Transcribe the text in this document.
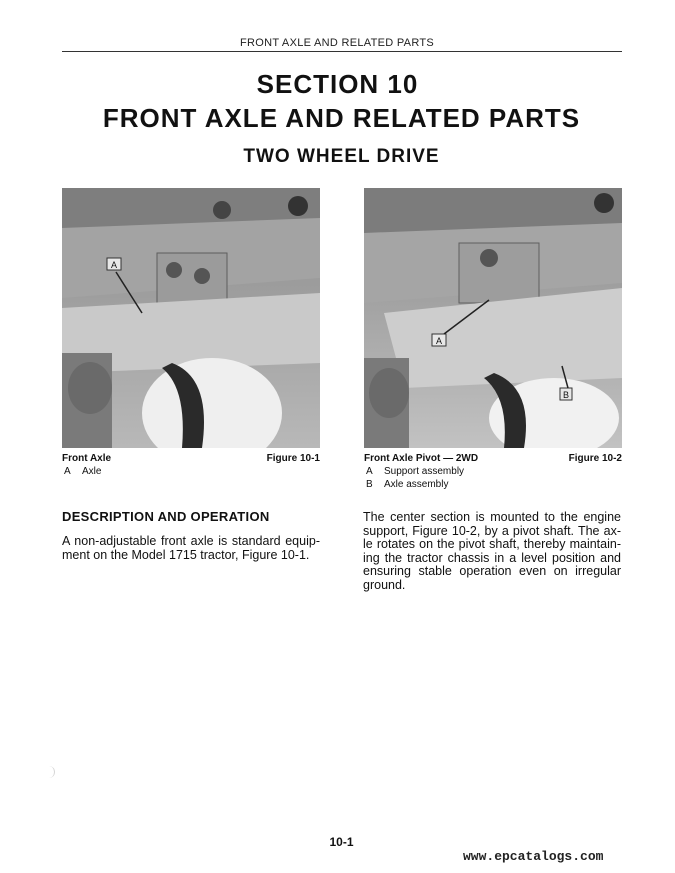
FRONT AXLE AND RELATED PARTS
SECTION 10
FRONT AXLE AND RELATED PARTS
TWO WHEEL DRIVE
A
A
B
Front Axle	Figure 10-1
A	Axle
Front Axle Pivot — 2WD	Figure 10-2
A	Support assembly
B	Axle assembly
DESCRIPTION AND OPERATION
A non-adjustable front axle is standard equipment on the Model 1715 tractor, Figure 10-1.
The center section is mounted to the engine support, Figure 10-2, by a pivot shaft. The axle rotates on the pivot shaft, thereby maintaining the tractor chassis in a level position and ensuring stable operation even on irregular ground.
10-1
www.epcatalogs.com
